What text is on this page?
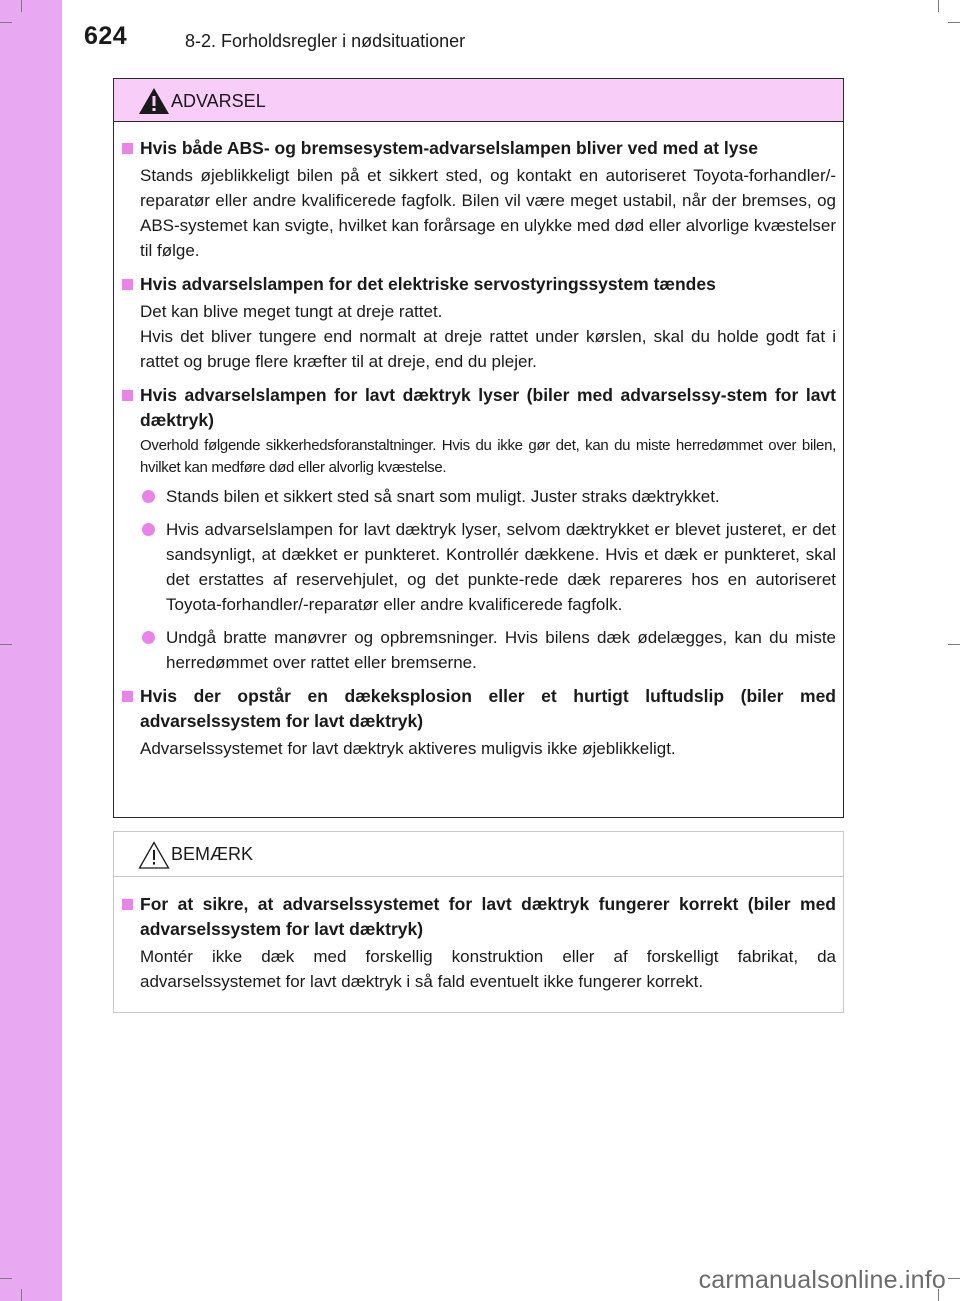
624	8-2. Forholdsregler i nødsituationer
ADVARSEL
Hvis både ABS- og bremsesystem-advarselslampen bliver ved med at lyse
Stands øjeblikkeligt bilen på et sikkert sted, og kontakt en autoriseret Toyota-forhandler/-reparatør eller andre kvalificerede fagfolk. Bilen vil være meget ustabil, når der bremses, og ABS-systemet kan svigte, hvilket kan forårsage en ulykke med død eller alvorlige kvæstelser til følge.
Hvis advarselslampen for det elektriske servostyringssystem tændes
Det kan blive meget tungt at dreje rattet.
Hvis det bliver tungere end normalt at dreje rattet under kørslen, skal du holde godt fat i rattet og bruge flere kræfter til at dreje, end du plejer.
Hvis advarselslampen for lavt dæktryk lyser (biler med advarselssy-stem for lavt dæktryk)
Overhold følgende sikkerhedsforanstaltninger. Hvis du ikke gør det, kan du miste herredømmet over bilen, hvilket kan medføre død eller alvorlig kvæstelse.
Stands bilen et sikkert sted så snart som muligt. Juster straks dæktrykket.
Hvis advarselslampen for lavt dæktryk lyser, selvom dæktrykket er blevet justeret, er det sandsynligt, at dækket er punkteret. Kontrollér dækkene. Hvis et dæk er punkteret, skal det erstattes af reservehjulet, og det punkte-rede dæk repareres hos en autoriseret Toyota-forhandler/-reparatør eller andre kvalificerede fagfolk.
Undgå bratte manøvrer og opbremsninger. Hvis bilens dæk ødelægges, kan du miste herredømmet over rattet eller bremserne.
Hvis der opstår en dækeksplosion eller et hurtigt luftudslip (biler med advarselssystem for lavt dæktryk)
Advarselssystemet for lavt dæktryk aktiveres muligvis ikke øjeblikkeligt.
BEMÆRK
For at sikre, at advarselssystemet for lavt dæktryk fungerer korrekt (biler med advarselssystem for lavt dæktryk)
Montér ikke dæk med forskellig konstruktion eller af forskelligt fabrikat, da advarselssystemet for lavt dæktryk i så fald eventuelt ikke fungerer korrekt.
carmanualsonline.info
